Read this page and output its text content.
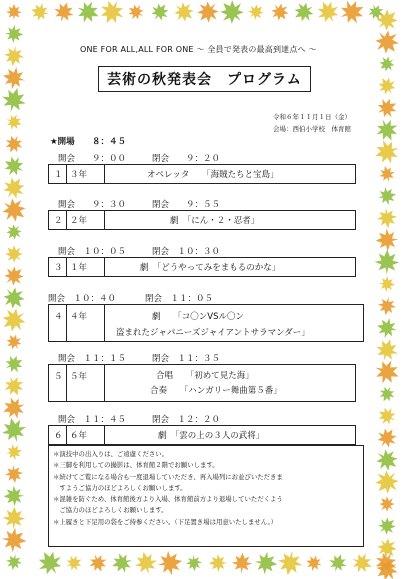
ONE FOR ALL,ALL FOR ONE ～ 全員で発表の最高到達点へ ～
芸術の秋発表会　プログラム
令和６年１１月１日（金）
会場：西伯小学校　体育館
★開場 ８：４５
開会　　９：００	閉会　　９：２０
１ ３年	オペレッタ　　「海賊たちと宝島」
開会　　９：３０	閉会　　９：５５
２ ２年	劇　「にん・２・忍者」
開会　１０：０５	閉会　１０：３０
３ １年	劇　「どうやってみをまもるのかな」
開会　１０：４０	閉会　１１：０５
４ ４年	劇　　「コ〇ンVSル〇ン
盗まれたジャパニーズジャイアントサラマンダー」
開会　１１：１５	閉会　１１：３５
５ ５年	合唱　　「初めて見た海」
合奏　　「ハンガリー舞曲第５番」
開会　１１：４５	閉会　１２：２０
６ ６年	劇　「雲の上の３人の武将」
＊演技中の出入りは、ご遠慮ください。
＊三脚を利用しての撮影は、体育館２階でお願いします。
＊続けてご覧になる場合も一度退場していただき、再入場列にお並びいただきま
　すようご協力のほどよろしくお願いします。
＊混雑を防ぐため、体育館後方より入場、体育館前方より退場していただくよう
　ご協力のほどよろしくお願いします。
＊上履きと下足用の袋をご持参ください。（下足置き場は用意いたしません。）
